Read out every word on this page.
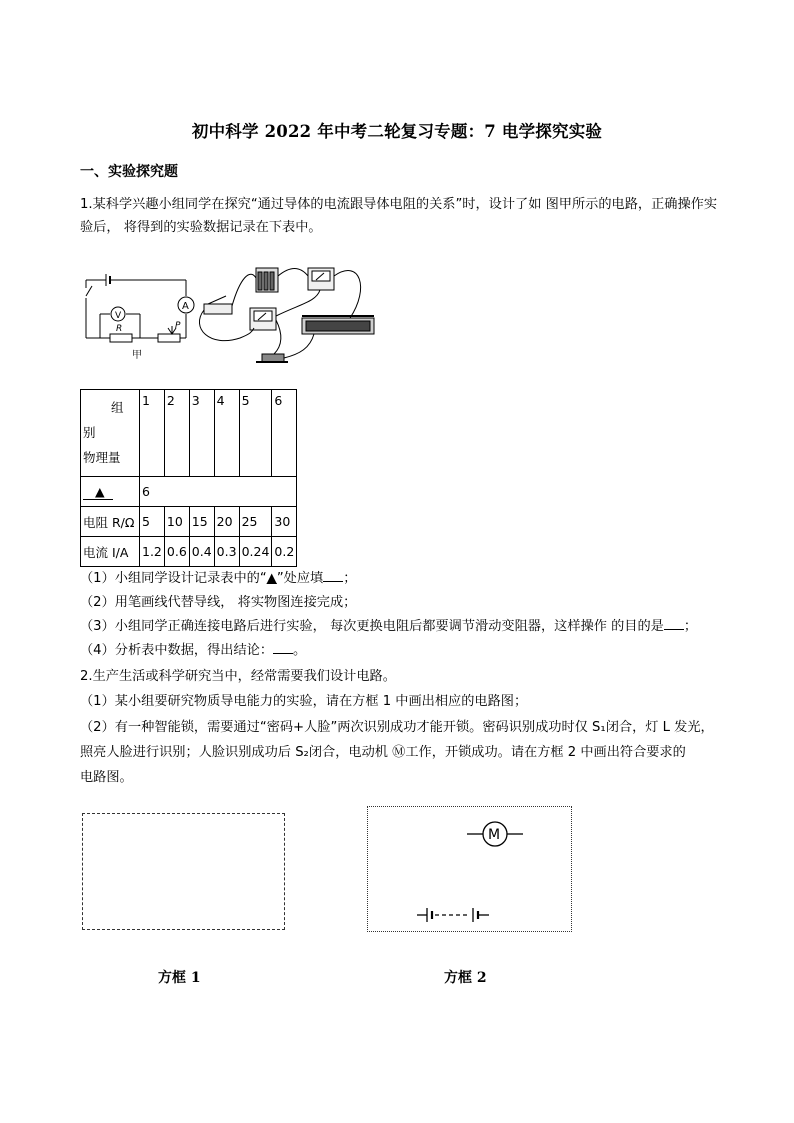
初中科学 2022 年中考二轮复习专题：7 电学探究实验
一、实验探究题
1.某科学兴趣小组同学在探究“通过导体的电流跟导体电阻的关系”时，设计了如 图甲所示的电路，正确操作实验后， 将得到的实验数据记录在下表中。
V
A
R	P
甲
组
别
物理量	1	2	3	4	5	6
▲	6					
电阻 R/Ω	5	10	15	20	25	30
电流 I/A	1.2	0.6	0.4	0.3	0.24	0.2
（1）小组同学设计记录表中的“▲”处应填 ；
（2）用笔画线代替导线， 将实物图连接完成；
（3）小组同学正确连接电路后进行实验， 每次更换电阻后都要调节滑动变阻器，这样操作 的目的是 ；
（4）分析表中数据，得出结论： 。
2.生产生活或科学研究当中，经常需要我们设计电路。
（1）某小组要研究物质导电能力的实验，请在方框 1 中画出相应的电路图；
（2）有一种智能锁，需要通过“密码+人脸”两次识别成功才能开锁。密码识别成功时仅 S₁闭合，灯 L 发光，
照亮人脸进行识别；人脸识别成功后 S₂闭合，电动机 Ⓜ工作，开锁成功。请在方框 2 中画出符合要求的
电路图。
方框 1
M
方框 2
